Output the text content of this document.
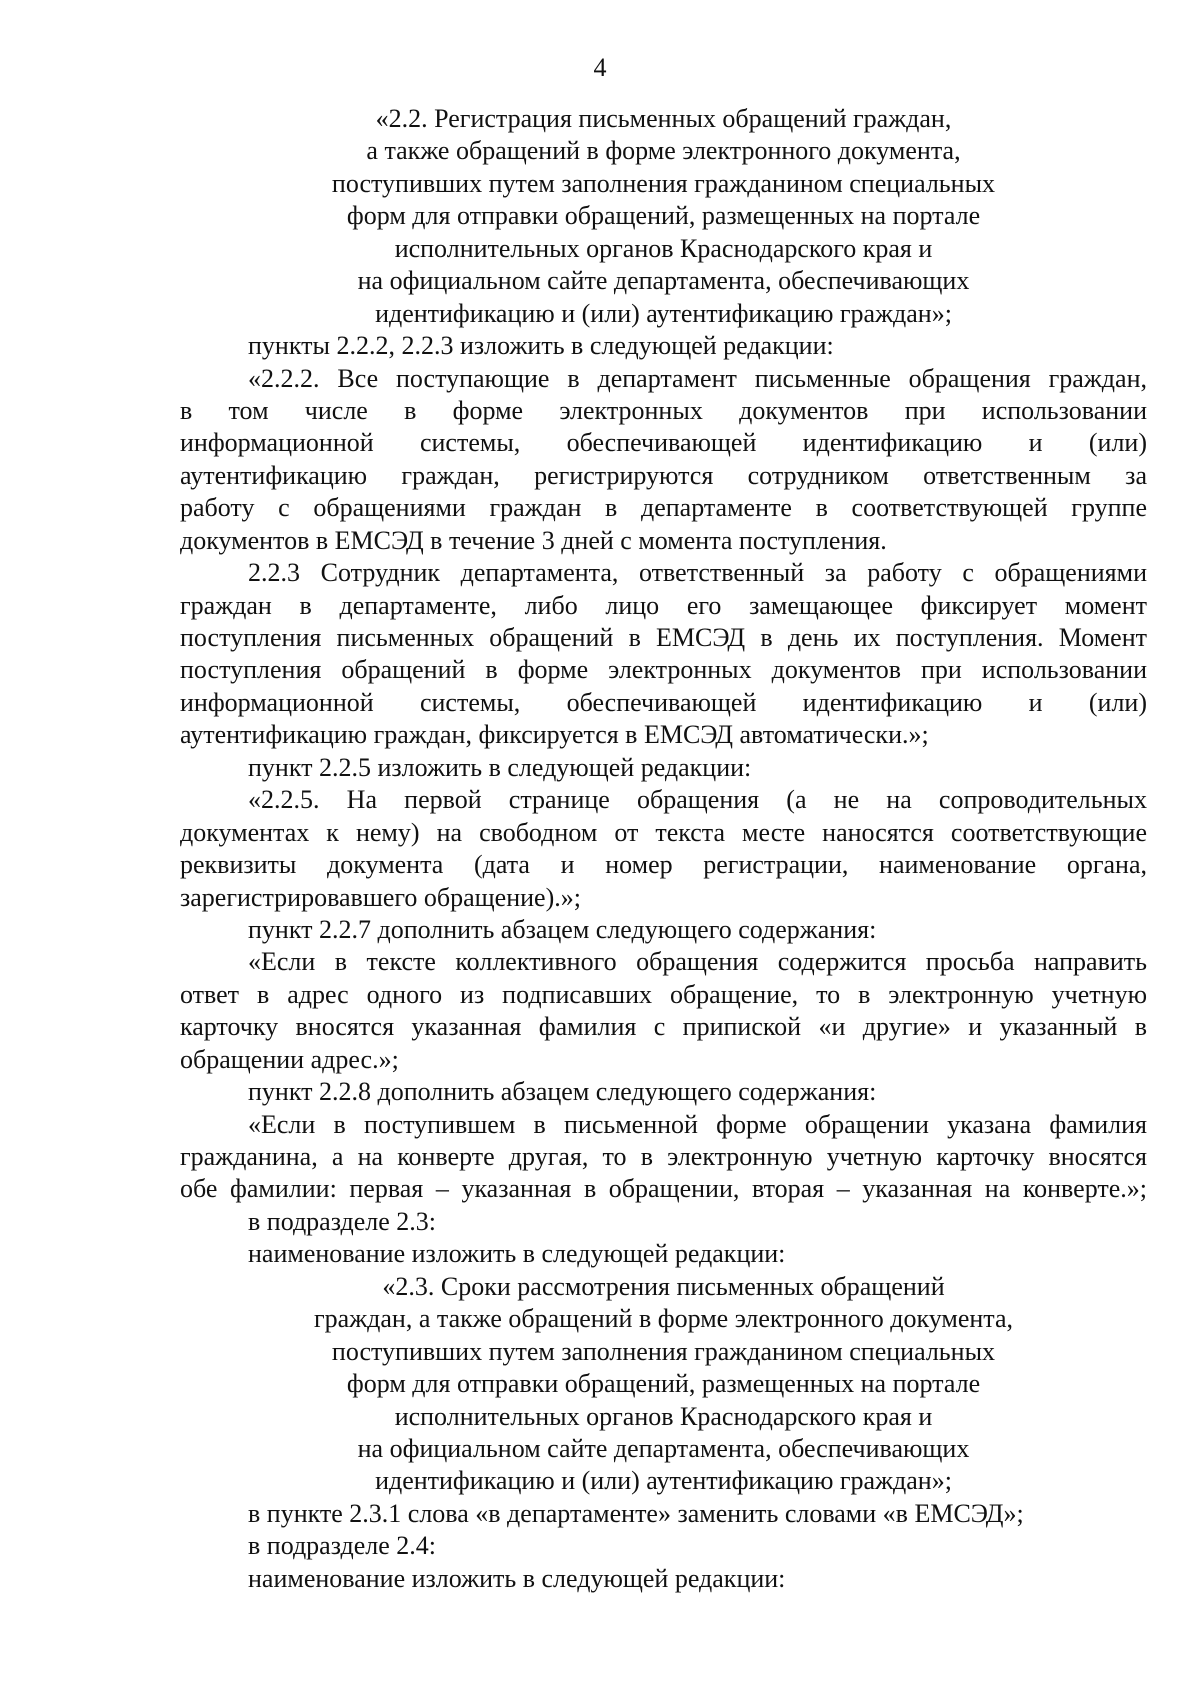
4
«2.2. Регистрация письменных обращений граждан,
а также обращений в форме электронного документа,
поступивших путем заполнения гражданином специальных
форм для отправки обращений, размещенных на портале
исполнительных органов Краснодарского края и
на официальном сайте департамента, обеспечивающих
идентификацию и (или) аутентификацию граждан»;
пункты 2.2.2, 2.2.3 изложить в следующей редакции:
«2.2.2. Все поступающие в департамент письменные обращения граждан,
в том числе в форме электронных документов при использовании
информационной системы, обеспечивающей идентификацию и (или)
аутентификацию граждан, регистрируются сотрудником ответственным за
работу с обращениями граждан в департаменте в соответствующей группе
документов в ЕМСЭД в течение 3 дней с момента поступления.
2.2.3 Сотрудник департамента, ответственный за работу с обращениями
граждан в департаменте, либо лицо его замещающее фиксирует момент
поступления письменных обращений в ЕМСЭД в день их поступления. Момент
поступления обращений в форме электронных документов при использовании
информационной системы, обеспечивающей идентификацию и (или)
аутентификацию граждан, фиксируется в ЕМСЭД автоматически.»;
пункт 2.2.5 изложить в следующей редакции:
«2.2.5. На первой странице обращения (а не на сопроводительных
документах к нему) на свободном от текста месте наносятся соответствующие
реквизиты документа (дата и номер регистрации, наименование органа,
зарегистрировавшего обращение).»;
пункт 2.2.7 дополнить абзацем следующего содержания:
«Если в тексте коллективного обращения содержится просьба направить
ответ в адрес одного из подписавших обращение, то в электронную учетную
карточку вносятся указанная фамилия с припиской «и другие» и указанный в
обращении адрес.»;
пункт 2.2.8 дополнить абзацем следующего содержания:
«Если в поступившем в письменной форме обращении указана фамилия
гражданина, а на конверте другая, то в электронную учетную карточку вносятся
обе фамилии: первая – указанная в обращении, вторая – указанная на конверте.»;
в подразделе 2.3:
наименование изложить в следующей редакции:
«2.3. Сроки рассмотрения письменных обращений
граждан, а также обращений в форме электронного документа,
поступивших путем заполнения гражданином специальных
форм для отправки обращений, размещенных на портале
исполнительных органов Краснодарского края и
на официальном сайте департамента, обеспечивающих
идентификацию и (или) аутентификацию граждан»;
в пункте 2.3.1 слова «в департаменте» заменить словами «в ЕМСЭД»;
в подразделе 2.4:
наименование изложить в следующей редакции:
